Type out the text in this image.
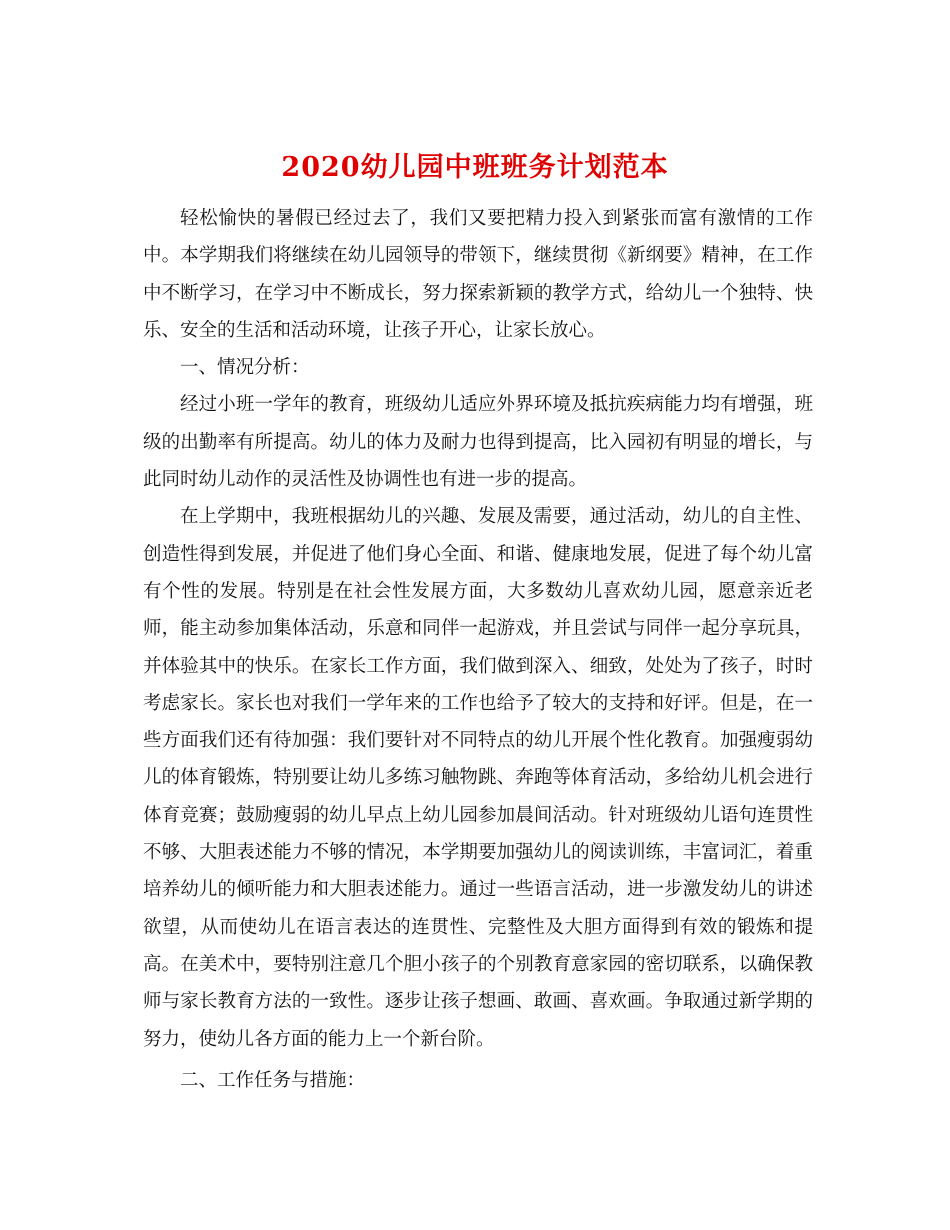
2020幼儿园中班班务计划范本

轻松愉快的暑假已经过去了，我们又要把精力投入到紧张而富有激情的工作中。本学期我们将继续在幼儿园领导的带领下，继续贯彻《新纲要》精神，在工作中不断学习，在学习中不断成长，努力探索新颖的教学方式，给幼儿一个独特、快乐、安全的生活和活动环境，让孩子开心，让家长放心。

一、情况分析：

经过小班一学年的教育，班级幼儿适应外界环境及抵抗疾病能力均有增强，班级的出勤率有所提高。幼儿的体力及耐力也得到提高，比入园初有明显的增长，与此同时幼儿动作的灵活性及协调性也有进一步的提高。

在上学期中，我班根据幼儿的兴趣、发展及需要，通过活动，幼儿的自主性、创造性得到发展，并促进了他们身心全面、和谐、健康地发展，促进了每个幼儿富有个性的发展。特别是在社会性发展方面，大多数幼儿喜欢幼儿园，愿意亲近老师，能主动参加集体活动，乐意和同伴一起游戏，并且尝试与同伴一起分享玩具，并体验其中的快乐。在家长工作方面，我们做到深入、细致，处处为了孩子，时时考虑家长。家长也对我们一学年来的工作也给予了较大的支持和好评。但是，在一些方面我们还有待加强：我们要针对不同特点的幼儿开展个性化教育。加强瘦弱幼儿的体育锻炼，特别要让幼儿多练习触物跳、奔跑等体育活动，多给幼儿机会进行体育竞赛；鼓励瘦弱的幼儿早点上幼儿园参加晨间活动。针对班级幼儿语句连贯性不够、大胆表述能力不够的情况，本学期要加强幼儿的阅读训练，丰富词汇，着重培养幼儿的倾听能力和大胆表述能力。通过一些语言活动，进一步激发幼儿的讲述欲望，从而使幼儿在语言表达的连贯性、完整性及大胆方面得到有效的锻炼和提高。在美术中，要特别注意几个胆小孩子的个别教育意家园的密切联系，以确保教师与家长教育方法的一致性。逐步让孩子想画、敢画、喜欢画。争取通过新学期的努力，使幼儿各方面的能力上一个新台阶。

二、工作任务与措施：
